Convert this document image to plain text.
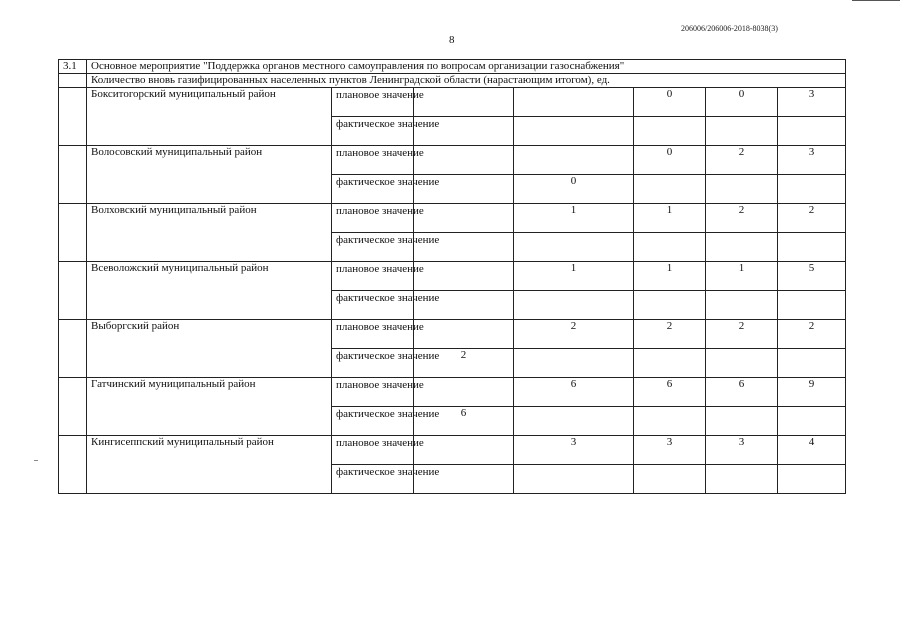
206006/206006-2018-8038(3)
8
3.1	Основное мероприятие "Поддержка органов местного самоуправления по вопросам организации газоснабжения"						
	Количество вновь газифицированных населенных пунктов Ленинградской области (нарастающим итогом), ед.						
	Бокситогорский муниципальный район	плановое значение			0	0	3
		фактическое значение					
	Волосовский муниципальный район	плановое значение			0	2	3
		фактическое значение		0			
	Волховский муниципальный район	плановое значение		1	1	2	2
		фактическое значение					
	Всеволожский муниципальный район	плановое значение		1	1	1	5
		фактическое значение					
	Выборгский район	плановое значение		2	2	2	2
		фактическое значение	2				
	Гатчинский муниципальный район	плановое значение		6	6	6	9
		фактическое значение	6				
	Кингисеппский муниципальный район	плановое значение		3	3	3	4
		фактическое значение					
